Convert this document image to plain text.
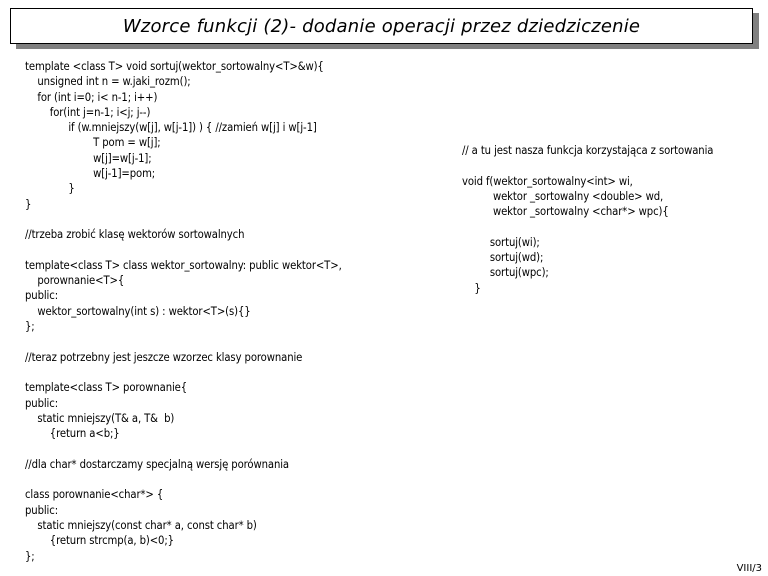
Wzorce funkcji (2)- dodanie operacji przez dziedziczenie
template <class T> void sortuj(wektor_sortowalny<T>&w){
unsigned int n = w.jaki_rozm();
for (int i=0; i< n-1; i++)
for(int j=n-1; i<j; j--)
if (w.mniejszy(w[j], w[j-1]) ) { //zamień w[j] i w[j-1]
T pom = w[j];
w[j]=w[j-1];
w[j-1]=pom;
}
}
//trzeba zrobić klasę wektorów sortowalnych
template<class T> class wektor_sortowalny: public wektor<T>,
porownanie<T>{
public:
wektor_sortowalny(int s) : wektor<T>(s){}
};
//teraz potrzebny jest jeszcze wzorzec klasy porownanie
template<class T> porownanie{
public:
static mniejszy(T& a, T&  b)
{return a<b;}
//dla char* dostarczamy specjalną wersję porównania
class porownanie<char*> {
public:
static mniejszy(const char* a, const char* b)
{return strcmp(a, b)<0;}
};
// a tu jest nasza funkcja korzystająca z sortowania
void f(wektor_sortowalny<int> wi,
wektor _sortowalny <double> wd,
wektor _sortowalny <char*> wpc){
sortuj(wi);
sortuj(wd);
sortuj(wpc);
}
VIII/3
